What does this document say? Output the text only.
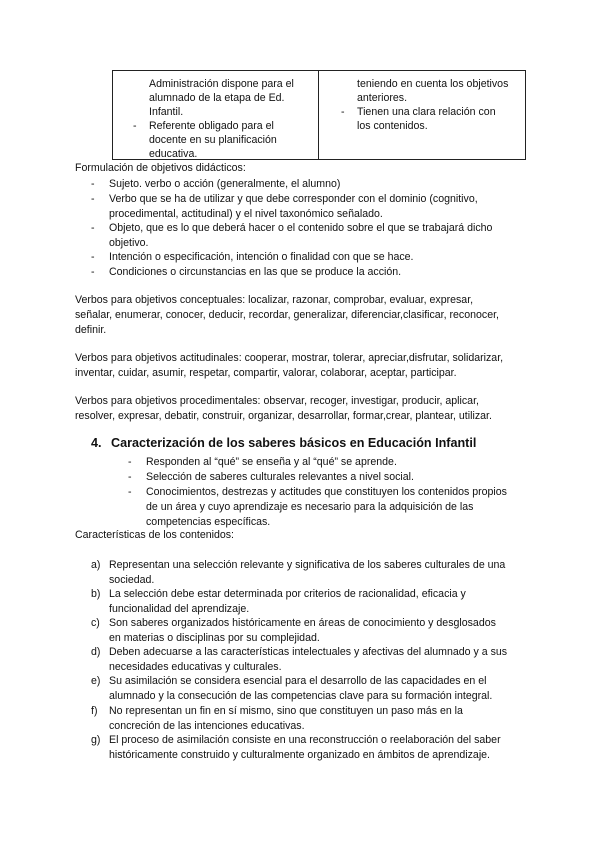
Administración dispone para el
alumnado de la etapa de Ed.
Infantil.
- Referente obligado para el
docente en su planificación
educativa.
teniendo en cuenta los objetivos
anteriores.
- Tienen una clara relación con
los contenidos.
Formulación de objetivos didácticos:
- Sujeto. verbo o acción (generalmente, el alumno)
- Verbo que se ha de utilizar y que debe corresponder con el dominio (cognitivo,
procedimental, actitudinal) y el nivel taxonómico señalado.
- Objeto, que es lo que deberá hacer o el contenido sobre el que se trabajará dicho
objetivo.
- Intención o especificación, intención o finalidad con que se hace.
- Condiciones o circunstancias en las que se produce la acción.
Verbos para objetivos conceptuales: localizar, razonar, comprobar, evaluar, expresar,
señalar, enumerar, conocer, deducir, recordar, generalizar, diferenciar,clasificar, reconocer,
definir.
Verbos para objetivos actitudinales: cooperar, mostrar, tolerar, apreciar,disfrutar, solidarizar,
inventar, cuidar, asumir, respetar, compartir, valorar, colaborar, aceptar, participar.
Verbos para objetivos procedimentales: observar, recoger, investigar, producir, aplicar,
resolver, expresar, debatir, construir, organizar, desarrollar, formar,crear, plantear, utilizar.
4. Caracterización de los saberes básicos en Educación Infantil
- Responden al “qué” se enseña y al “qué” se aprende.
- Selección de saberes culturales relevantes a nivel social.
- Conocimientos, destrezas y actitudes que constituyen los contenidos propios
de un área y cuyo aprendizaje es necesario para la adquisición de las
competencias específicas.
Características de los contenidos:
a) Representan una selección relevante y significativa de los saberes culturales de una
sociedad.
b) La selección debe estar determinada por criterios de racionalidad, eficacia y
funcionalidad del aprendizaje.
c) Son saberes organizados históricamente en áreas de conocimiento y desglosados
en materias o disciplinas por su complejidad.
d) Deben adecuarse a las características intelectuales y afectivas del alumnado y a sus
necesidades educativas y culturales.
e) Su asimilación se considera esencial para el desarrollo de las capacidades en el
alumnado y la consecución de las competencias clave para su formación integral.
f) No representan un fin en sí mismo, sino que constituyen un paso más en la
concreción de las intenciones educativas.
g) El proceso de asimilación consiste en una reconstrucción o reelaboración del saber
históricamente construido y culturalmente organizado en ámbitos de aprendizaje.
